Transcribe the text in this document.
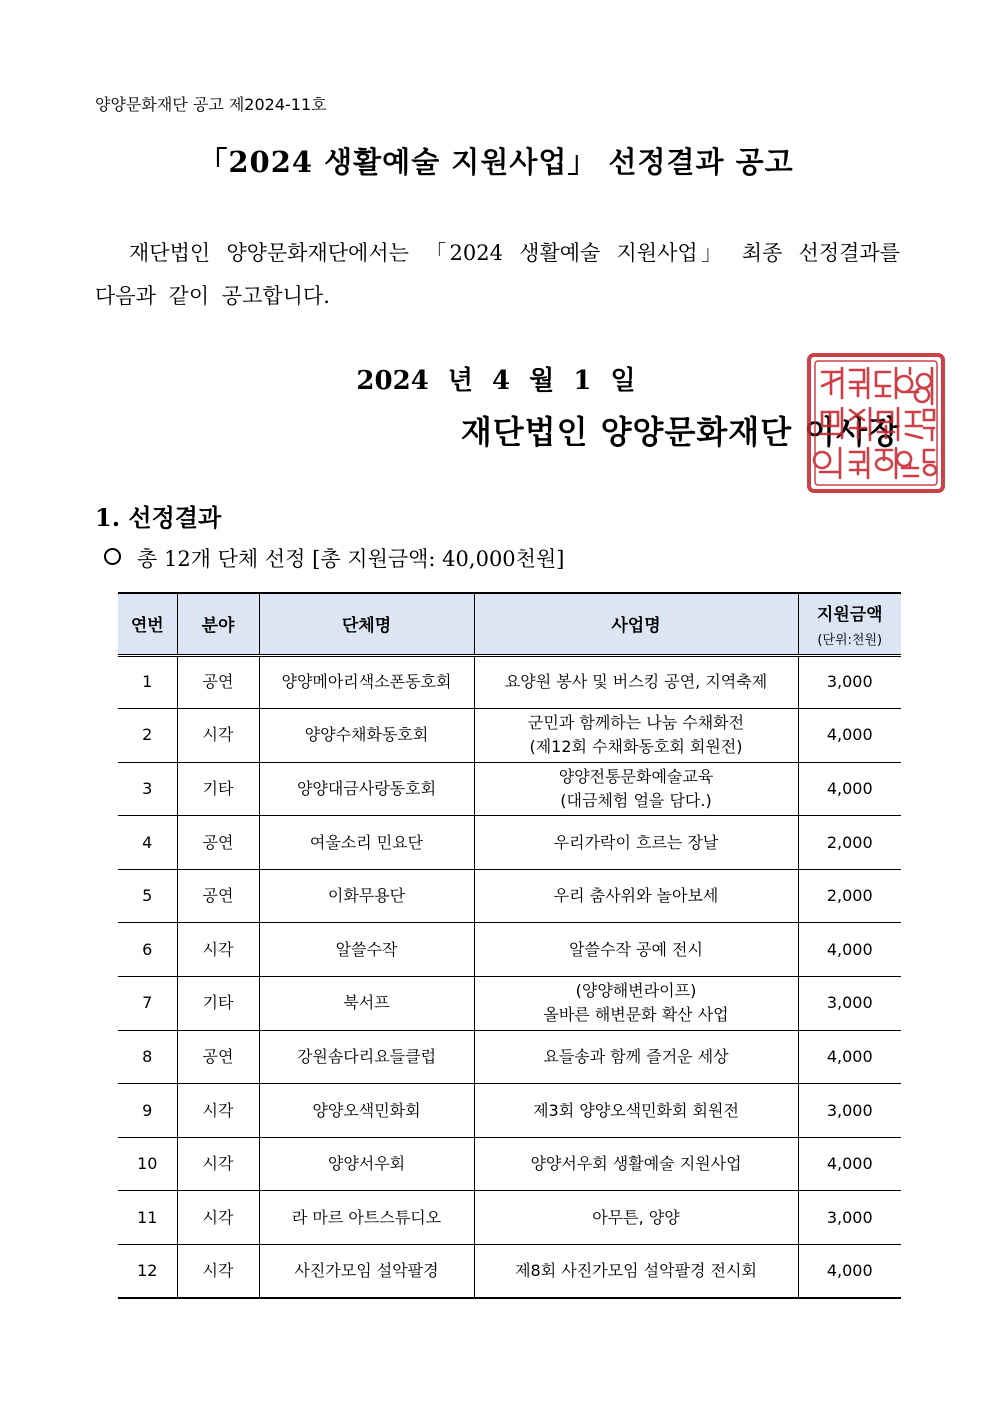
양양문화재단 공고 제2024-11호
「2024 생활예술 지원사업」 선정결과 공고
재단법인 양양문화재단에서는 「2024 생활예술 지원사업」 최종 선정결과를 다음과 같이 공고합니다.
2024 년 4 월 1 일
재단법인 양양문화재단 이사장
1. 선정결과
총 12개 단체 선정 [총 지원금액: 40,000천원]
연번	분야	단체명	사업명	지원금액
(단위:천원)

1	공연	양양메아리색소폰동호회	요양원 봉사 및 버스킹 공연, 지역축제	3,000
2	시각	양양수채화동호회	군민과 함께하는 나눔 수채화전
(제12회 수채화동호회 회원전)	4,000
3	기타	양양대금사랑동호회	양양전통문화예술교육
(대금체험 얼을 담다.)	4,000
4	공연	여울소리 민요단	우리가락이 흐르는 장날	2,000
5	공연	이화무용단	우리 춤사위와 놀아보세	2,000
6	시각	알쓸수작	알쓸수작 공예 전시	4,000
7	기타	북서프	(양양해변라이프)
올바른 해변문화 확산 사업	3,000
8	공연	강원솜다리요들클럽	요들송과 함께 즐거운 세상	4,000
9	시각	양양오색민화회	제3회 양양오색민화회 회원전	3,000
10	시각	양양서우회	양양서우회 생활예술 지원사업	4,000
11	시각	라 마르 아트스튜디오	아무튼, 양양	3,000
12	시각	사진가모임 설악팔경	제8회 사진가모임 설악팔경 전시회	4,000
